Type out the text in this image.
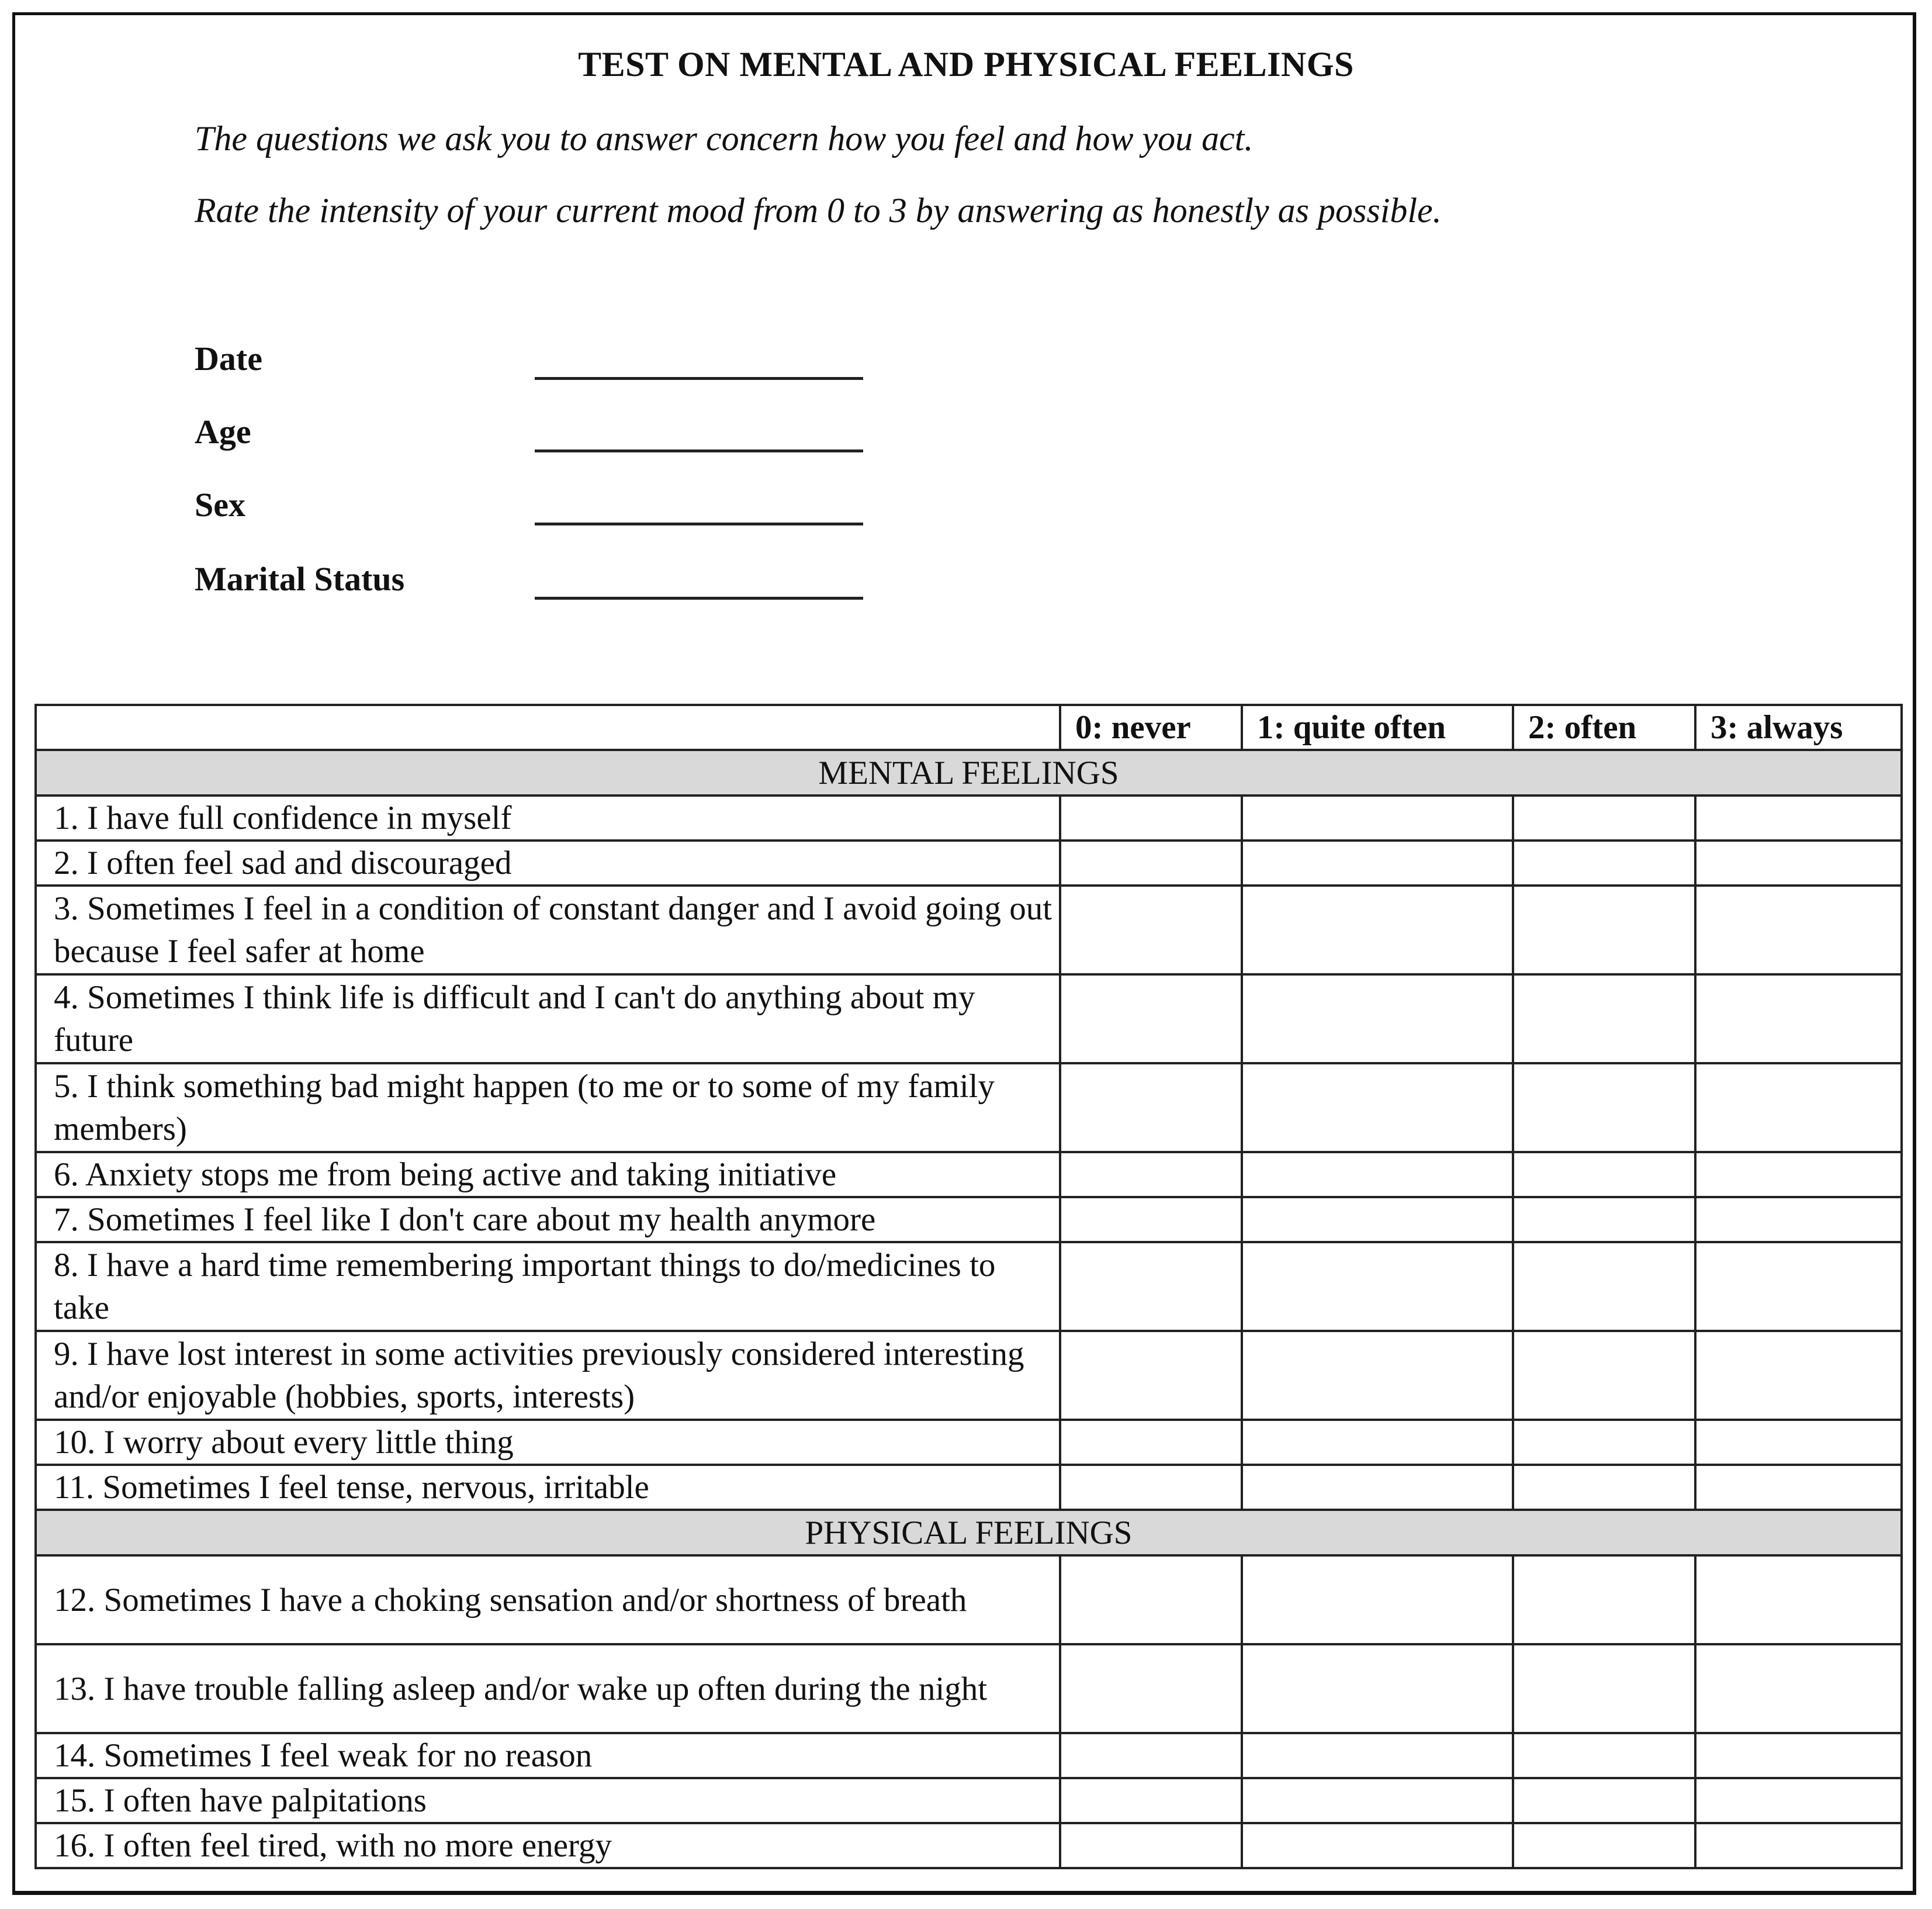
TEST ON MENTAL AND PHYSICAL FEELINGS
The questions we ask you to answer concern how you feel and how you act.
Rate the intensity of your current mood from 0 to 3 by answering as honestly as possible.
Date
Age
Sex
Marital Status
	0: never	1: quite often	2: often	3: always
MENTAL FEELINGS				
1. I have full confidence in myself				
2. I often feel sad and discouraged				
3. Sometimes I feel in a condition of constant danger and I avoid going out because I feel safer at home				
4. Sometimes I think life is difficult and I can't do anything about my future				
5. I think something bad might happen (to me or to some of my family members)				
6. Anxiety stops me from being active and taking initiative				
7. Sometimes I feel like I don't care about my health anymore				
8. I have a hard time remembering important things to do/medicines to take				
9. I have lost interest in some activities previously considered interesting and/or enjoyable (hobbies, sports, interests)				
10. I worry about every little thing				
11. Sometimes I feel tense, nervous, irritable				
PHYSICAL FEELINGS				
12. Sometimes I have a choking sensation and/or shortness of breath				
13. I have trouble falling asleep and/or wake up often during the night				
14. Sometimes I feel weak for no reason				
15. I often have palpitations				
16. I often feel tired, with no more energy				
